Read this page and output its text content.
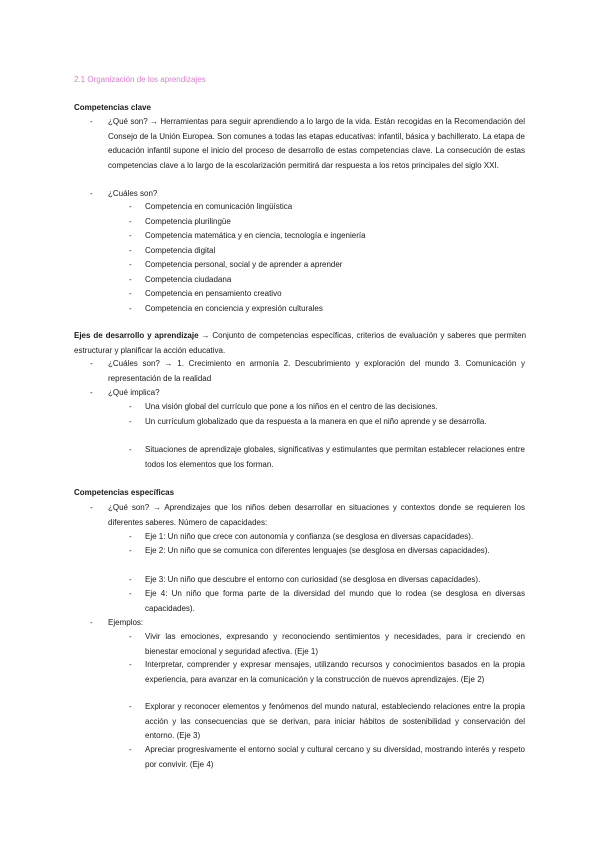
2.1 Organización de los aprendizajes
Competencias clave
- ¿Qué son? → Herramientas para seguir aprendiendo a lo largo de la vida. Están recogidas en la Recomendación del Consejo de la Unión Europea. Son comunes a todas las etapas educativas: infantil, básica y bachillerato. La etapa de educación infantil supone el inicio del proceso de desarrollo de estas competencias clave. La consecución de estas competencias clave a lo largo de la escolarización permitirá dar respuesta a los retos principales del siglo XXI.
- ¿Cuáles son?
- Competencia en comunicación lingüística
- Competencia plurilingüe
- Competencia matemática y en ciencia, tecnología e ingeniería
- Competencia digital
- Competencia personal, social y de aprender a aprender
- Competencia ciudadana
- Competencia en pensamiento creativo
- Competencia en conciencia y expresión culturales
Ejes de desarrollo y aprendizaje → Conjunto de competencias específicas, criterios de evaluación y saberes que permiten estructurar y planificar la acción educativa.
- ¿Cuáles son? → 1. Crecimiento en armonía 2. Descubrimiento y exploración del mundo 3. Comunicación y representación de la realidad
- ¿Qué implica?
- Una visión global del currículo que pone a los niños en el centro de las decisiones.
- Un currículum globalizado que da respuesta a la manera en que el niño aprende y se desarrolla.
- Situaciones de aprendizaje globales, significativas y estimulantes que permitan establecer relaciones entre todos los elementos que los forman.
Competencias específicas
- ¿Qué son? → Aprendizajes que los niños deben desarrollar en situaciones y contextos donde se requieren los diferentes saberes. Número de capacidades:
- Eje 1: Un niño que crece con autonomía y confianza (se desglosa en diversas capacidades).
- Eje 2: Un niño que se comunica con diferentes lenguajes (se desglosa en diversas capacidades).
- Eje 3: Un niño que descubre el entorno con curiosidad (se desglosa en diversas capacidades).
- Eje 4: Un niño que forma parte de la diversidad del mundo que lo rodea (se desglosa en diversas capacidades).
- Ejemplos:
- Vivir las emociones, expresando y reconociendo sentimientos y necesidades, para ir creciendo en bienestar emocional y seguridad afectiva. (Eje 1)
- Interpretar, comprender y expresar mensajes, utilizando recursos y conocimientos basados en la propia experiencia, para avanzar en la comunicación y la construcción de nuevos aprendizajes. (Eje 2)
- Explorar y reconocer elementos y fenómenos del mundo natural, estableciendo relaciones entre la propia acción y las consecuencias que se derivan, para iniciar hábitos de sostenibilidad y conservación del entorno. (Eje 3)
- Apreciar progresivamente el entorno social y cultural cercano y su diversidad, mostrando interés y respeto por convivir. (Eje 4)
